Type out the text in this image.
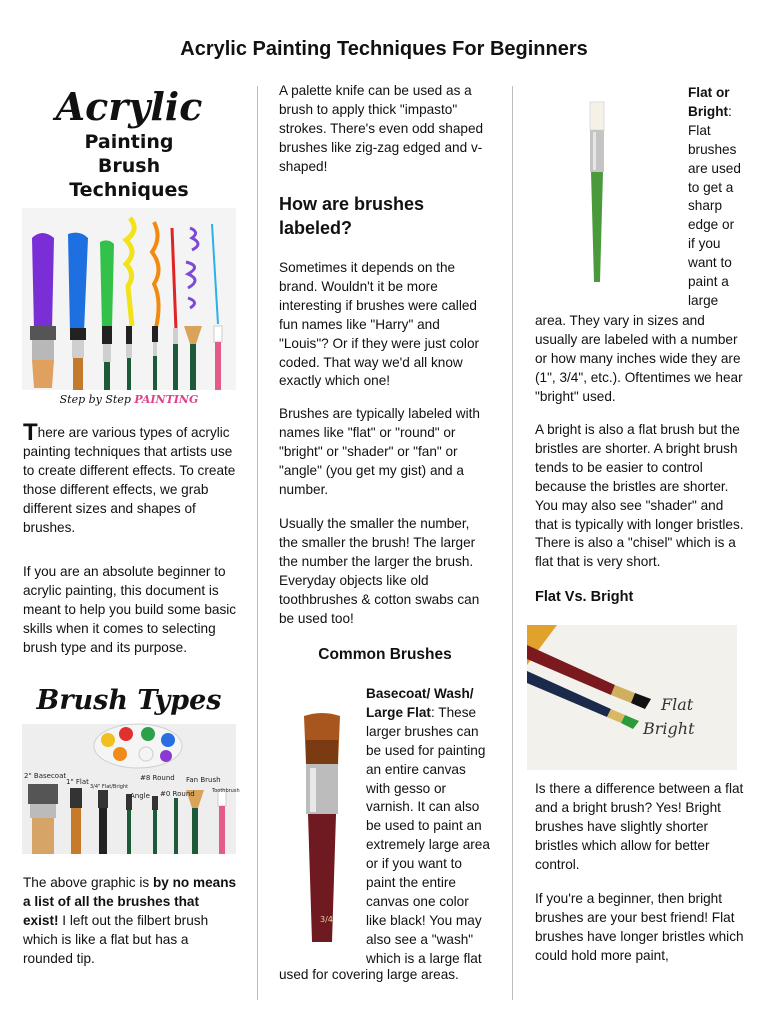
Acrylic Painting Techniques For Beginners
Acrylic
Painting
Brush
Techniques
Step by Step PAINTING

There are various types of acrylic painting techniques that artists use to create different effects. To create those different effects, we grab different sizes and shapes of brushes.

If you are an absolute beginner to acrylic painting, this document is meant to help you build some basic skills when it comes to selecting brush type and its purpose.
Brush Types
2" Basecoat
1" Flat
3/4" Flat/Bright
#8 Round
Angle #0 Round
Fan Brush
Toothbrush

The above graphic is by no means a list of all the brushes that exist! I left out the filbert brush which is like a flat but has a rounded tip.

A palette knife can be used as a brush to apply thick "impasto" strokes. There's even odd shaped brushes like zig-zag edged and v-shaped!
How are brushes labeled?
Sometimes it depends on the brand. Wouldn't it be more interesting if brushes were called fun names like "Harry" and "Louis"? Or if they were just color coded. That way we'd all know exactly which one!
Brushes are typically labeled with names like "flat" or "round" or "bright" or "shader" or "fan" or "angle" (you get my gist) and a number.
Usually the smaller the number, the smaller the brush! The larger the number the larger the brush. Everyday objects like old toothbrushes & cotton swabs can be used too!
Common Brushes
3/4

Basecoat/ Wash/ Large Flat: These larger brushes can be used for painting an entire canvas with gesso or varnish. It can also be used to paint an extremely large area or if you want to paint the entire canvas one color like black! You may also see a "wash" which is a large flat

used for covering large areas.

Flat or Bright:

Flat
brushes
are used
to get a
sharp
edge or
if you
want to
paint a
large
area. They vary in sizes and usually are labeled with a number or how many inches wide they are (1", 3/4", etc.). Oftentimes we hear "bright" used.
A bright is also a flat brush but the bristles are shorter. A bright brush tends to be easier to control because the bristles are shorter. You may also see "shader" and that is typically with longer bristles. There is also a "chisel" which is a flat that is very short.
Flat Vs. Bright
Flat
Bright
Is there a difference between a flat and a bright brush? Yes! Bright brushes have slightly shorter bristles which allow for better control.
If you're a beginner, then bright brushes are your best friend! Flat brushes have longer bristles which could hold more paint,
